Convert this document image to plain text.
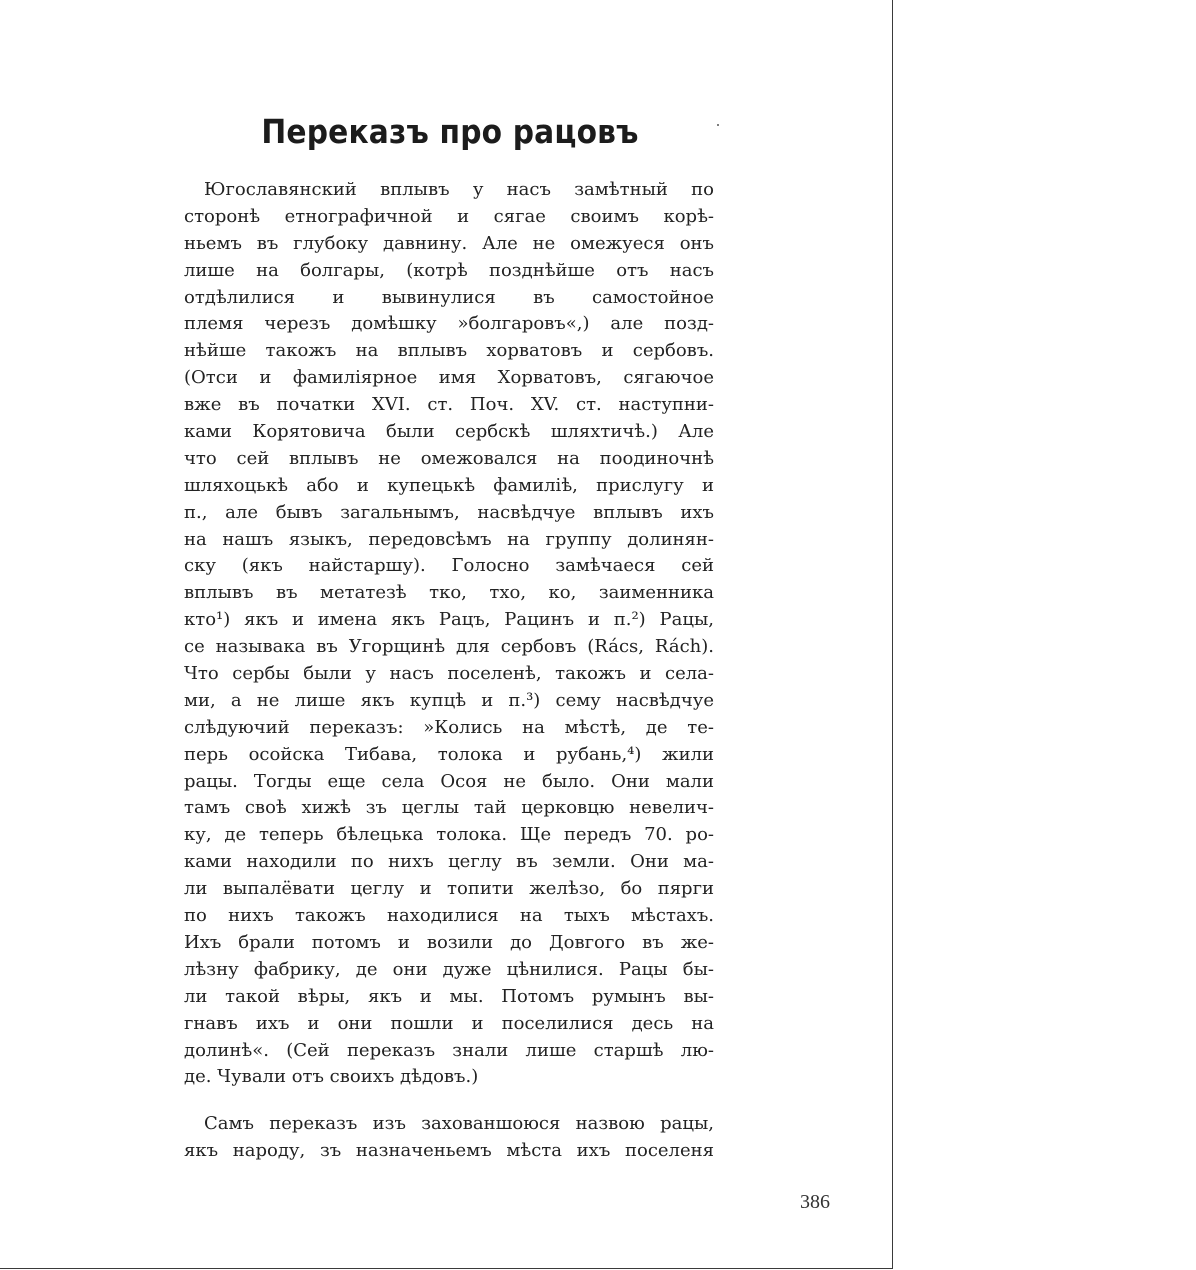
Переказъ про рацовъ
Югославянский вплывъ у насъ замѣтный по
сторонѣ етнографичной и сягае своимъ корѣ-
ньемъ въ глубоку давнину. Але не омежуеся онъ
лише на болгары, (котрѣ позднѣйше отъ насъ
отдѣлилися и вывинулися въ самостойное
племя черезъ домѣшку »болгаровъ«,) але позд-
нѣйше такожъ на вплывъ хорватовъ и сербовъ.
(Отси и фамиліярное имя Хорватовъ, сягаючое
вже въ початки XVI. ст. Поч. XV. ст. наступни-
ками Корятовича были сербскѣ шляхтичѣ.) Але
что сей вплывъ не омежовался на поодиночнѣ
шляхоцькѣ або и купецькѣ фамиліѣ, прислугу и
п., але бывъ загальнымъ, насвѣдчуе вплывъ ихъ
на нашъ языкъ, передовсѣмъ на группу долинян-
ску (якъ найстаршу). Голосно замѣчаеся сей
вплывъ въ метатезѣ тко, тхо, ко, заименника
кто¹) якъ и имена якъ Рацъ, Рацинъ и п.²) Рацы,
се называка въ Угорщинѣ для сербовъ (Rács, Rách).
Что сербы были у насъ поселенѣ, такожъ и села-
ми, а не лише якъ купцѣ и п.³) сему насвѣдчуе
слѣдуючий переказъ: »Колись на мѣстѣ, де те-
перь осойска Тибава, толока и рубань,⁴) жили
рацы. Тогды еще села Осоя не было. Они мали
тамъ своѣ хижѣ зъ цеглы тай церковцю невелич-
ку, де теперь бѣлецька толока. Ще передъ 70. ро-
ками находили по нихъ цеглу въ земли. Они ма-
ли выпалёвати цеглу и топити желѣзо, бо пярги
по нихъ такожъ находилися на тыхъ мѣстахъ.
Ихъ брали потомъ и возили до Довгого въ же-
лѣзну фабрику, де они дуже цѣнилися. Рацы бы-
ли такой вѣры, якъ и мы. Потомъ румынъ вы-
гнавъ ихъ и они пошли и поселилися десь на
долинѣ«. (Сей переказъ знали лише старшѣ лю-
де. Чували отъ своихъ дѣдовъ.)
Самъ переказъ изъ захованшоюся назвою рацы,
якъ народу, зъ назначеньемъ мѣста ихъ поселеня
386
